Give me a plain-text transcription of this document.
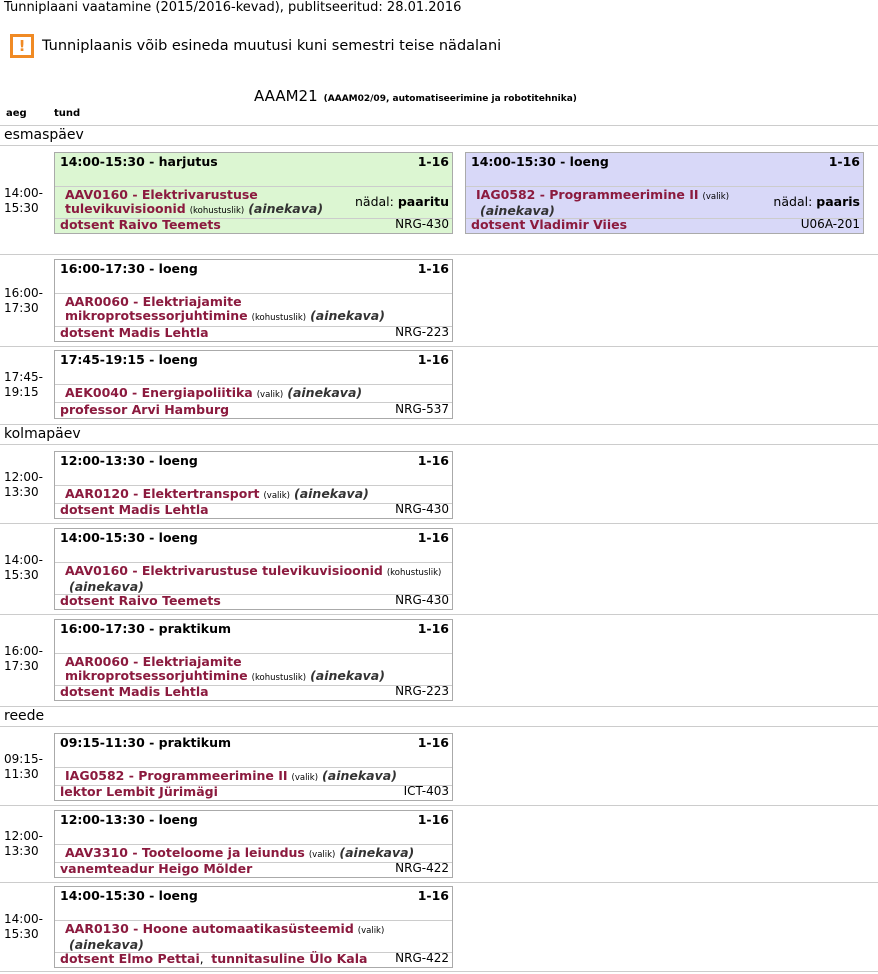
Tunniplaani vaatamine (2015/2016-kevad), publitseeritud: 28.01.2016
!	Tunniplaanis võib esineda muutusi kuni semestri teise nädalani
AAAM21 (AAAM02/09, automatiseerimine ja robotitehnika)
aeg	tund
esmaspäev
14:00-
15:30
14:00-15:30 - harjutus	1-16
AAV0160 - Elektrivarustuse
tulevikuvisioonid (kohustuslik) (ainekava)	nädal: paaritu
dotsent Raivo Teemets	NRG-430
14:00-15:30 - loeng	1-16
IAG0582 - Programmeerimine II (valik)
(ainekava)
nädal: paaris
dotsent Vladimir Viies	U06A-201
16:00-
17:30
16:00-17:30 - loeng	1-16
AAR0060 - Elektriajamite
mikroprotsessorjuhtimine (kohustuslik) (ainekava)
dotsent Madis Lehtla	NRG-223
17:45-
19:15
17:45-19:15 - loeng	1-16
AEK0040 - Energiapoliitika (valik) (ainekava)
professor Arvi Hamburg	NRG-537
kolmapäev
12:00-
13:30
12:00-13:30 - loeng	1-16
AAR0120 - Elektertransport (valik) (ainekava)
dotsent Madis Lehtla	NRG-430
14:00-
15:30
14:00-15:30 - loeng	1-16
AAV0160 - Elektrivarustuse tulevikuvisioonid (kohustuslik)
(ainekava)
dotsent Raivo Teemets	NRG-430
16:00-
17:30
16:00-17:30 - praktikum	1-16
AAR0060 - Elektriajamite
mikroprotsessorjuhtimine (kohustuslik) (ainekava)
dotsent Madis Lehtla	NRG-223
reede
09:15-
11:30
09:15-11:30 - praktikum	1-16
IAG0582 - Programmeerimine II (valik) (ainekava)
lektor Lembit Jürimägi	ICT-403
12:00-
13:30
12:00-13:30 - loeng	1-16
AAV3310 - Tooteloome ja leiundus (valik) (ainekava)
vanemteadur Heigo Mõlder	NRG-422
14:00-
15:30
14:00-15:30 - loeng	1-16
AAR0130 - Hoone automaatikasüsteemid (valik)
(ainekava)
dotsent Elmo Pettai,  tunnitasuline Ülo Kala NRG-422
